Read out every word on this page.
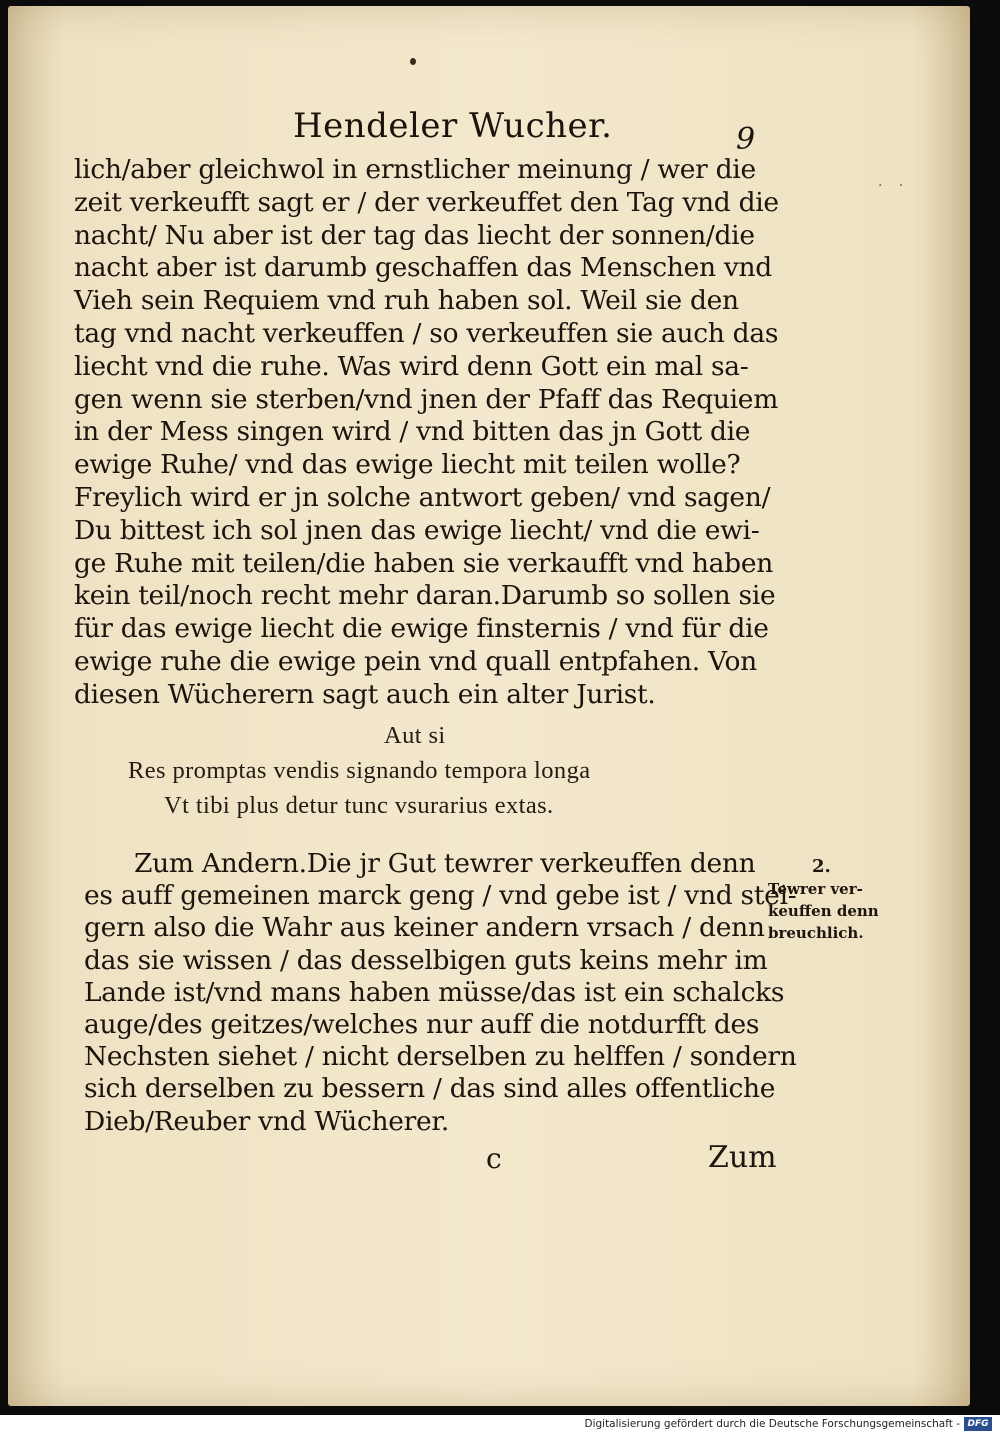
Hendeler Wucher.	9
· ·
lich/aber gleichwol in ernstlicher meinung / wer die
zeit verkeufft sagt er / der verkeuffet den Tag vnd die
nacht/ Nu aber ist der tag das liecht der sonnen/die
nacht aber ist darumb geschaffen das Menschen vnd
Vieh sein Requiem vnd ruh haben sol. Weil sie den
tag vnd nacht verkeuffen / so verkeuffen sie auch das
liecht vnd die ruhe. Was wird denn Gott ein mal sa-
gen wenn sie sterben/vnd jnen der Pfaff das Requiem
in der Mess singen wird / vnd bitten das jn Gott die
ewige Ruhe/ vnd das ewige liecht mit teilen wolle?
Freylich wird er jn solche antwort geben/ vnd sagen/
Du bittest ich sol jnen das ewige liecht/ vnd die ewi-
ge Ruhe mit teilen/die haben sie verkaufft vnd haben
kein teil/noch recht mehr daran.Darumb so sollen sie
für das ewige liecht die ewige finsternis / vnd für die
ewige ruhe die ewige pein vnd quall entpfahen. Von
diesen Wücherern sagt auch ein alter Jurist.
Aut si
Res promptas vendis signando tempora longa
Vt tibi plus detur tunc vsurarius extas.
Zum Andern.Die jr Gut tewrer verkeuffen denn
es auff gemeinen marck geng / vnd gebe ist / vnd stei-
gern also die Wahr aus keiner andern vrsach / denn
das sie wissen / das desselbigen guts keins mehr im
Lande ist/vnd mans haben müsse/das ist ein schalcks
auge/des geitzes/welches nur auff die notdurfft des
Nechsten siehet / nicht derselben zu helffen / sondern
sich derselben zu bessern / das sind alles offentliche
Dieb/Reuber vnd Wücherer.
2.
Tewrer ver-
keuffen denn
breuchlich.
c	Zum
Digitalisierung gefördert durch die Deutsche Forschungsgemeinschaft - DFG
